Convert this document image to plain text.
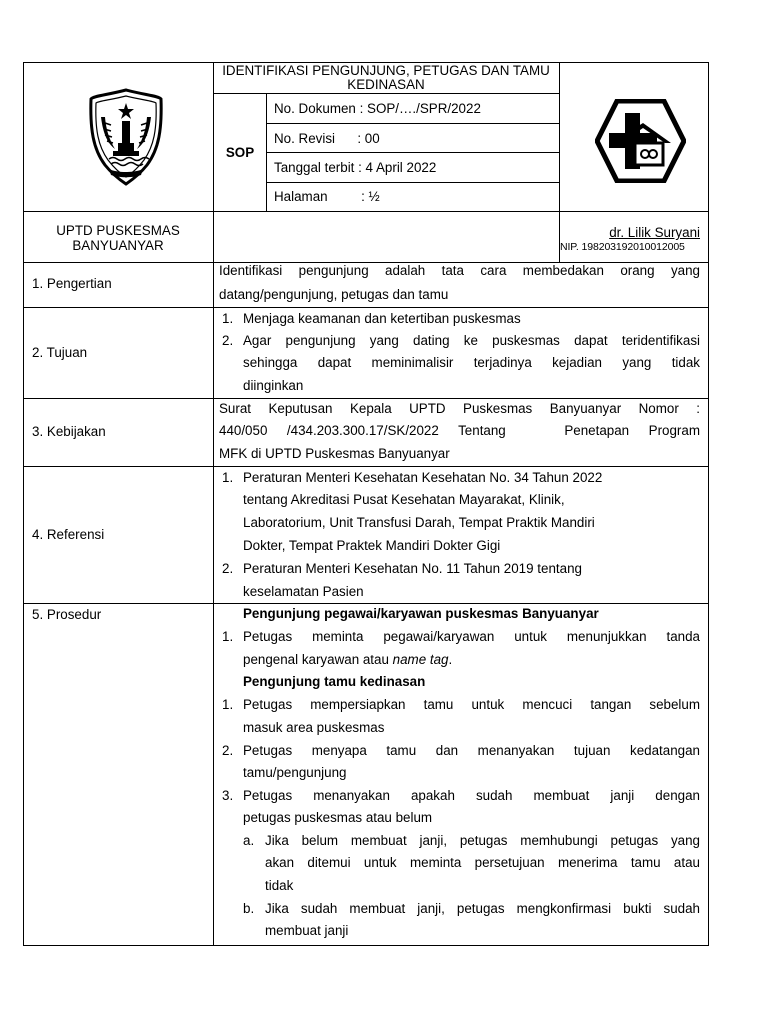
IDENTIFIKASI PENGUNJUNG, PETUGAS DAN TAMU KEDINASAN
SOP
No. Dokumen : SOP/…./SPR/2022
No. Revisi      : 00
Tanggal terbit : 4 April 2022
Halaman         : ½
UPTD PUSKESMAS
BANYUANYAR
dr. Lilik Suryani
NIP. 198203192010012005
1. Pengertian
2. Tujuan
3. Kebijakan
4. Referensi
5. Prosedur
Identifikasi pengunjung adalah tata cara membedakan orang yang
datang/pengunjung, petugas dan tamu
1. Menjaga keamanan dan ketertiban puskesmas
2. Agar pengunjung yang dating ke puskesmas dapat teridentifikasi
sehingga dapat meminimalisir terjadinya kejadian yang tidak
diinginkan
Surat Keputusan Kepala UPTD Puskesmas Banyuanyar Nomor :
440/050 /434.203.300.17/SK/2022 Tentang   Penetapan Program
MFK di UPTD Puskesmas Banyuanyar
1. Peraturan Menteri Kesehatan Kesehatan No. 34 Tahun 2022
tentang Akreditasi Pusat Kesehatan Mayarakat, Klinik,
Laboratorium, Unit Transfusi Darah, Tempat Praktik Mandiri
Dokter, Tempat Praktek Mandiri Dokter Gigi
2. Peraturan Menteri Kesehatan No. 11 Tahun 2019 tentang
keselamatan Pasien
Pengunjung pegawai/karyawan puskesmas Banyuanyar
1. Petugas meminta pegawai/karyawan untuk menunjukkan tanda
pengenal karyawan atau name tag.
Pengunjung tamu kedinasan
1. Petugas mempersiapkan tamu untuk mencuci tangan sebelum
masuk area puskesmas
2. Petugas menyapa tamu dan menanyakan tujuan kedatangan
tamu/pengunjung
3. Petugas menanyakan apakah sudah membuat janji dengan
petugas puskesmas atau belum
a. Jika belum membuat janji, petugas memhubungi petugas yang
akan ditemui untuk meminta persetujuan menerima tamu atau
tidak
b. Jika sudah membuat janji, petugas mengkonfirmasi bukti sudah
membuat janji
